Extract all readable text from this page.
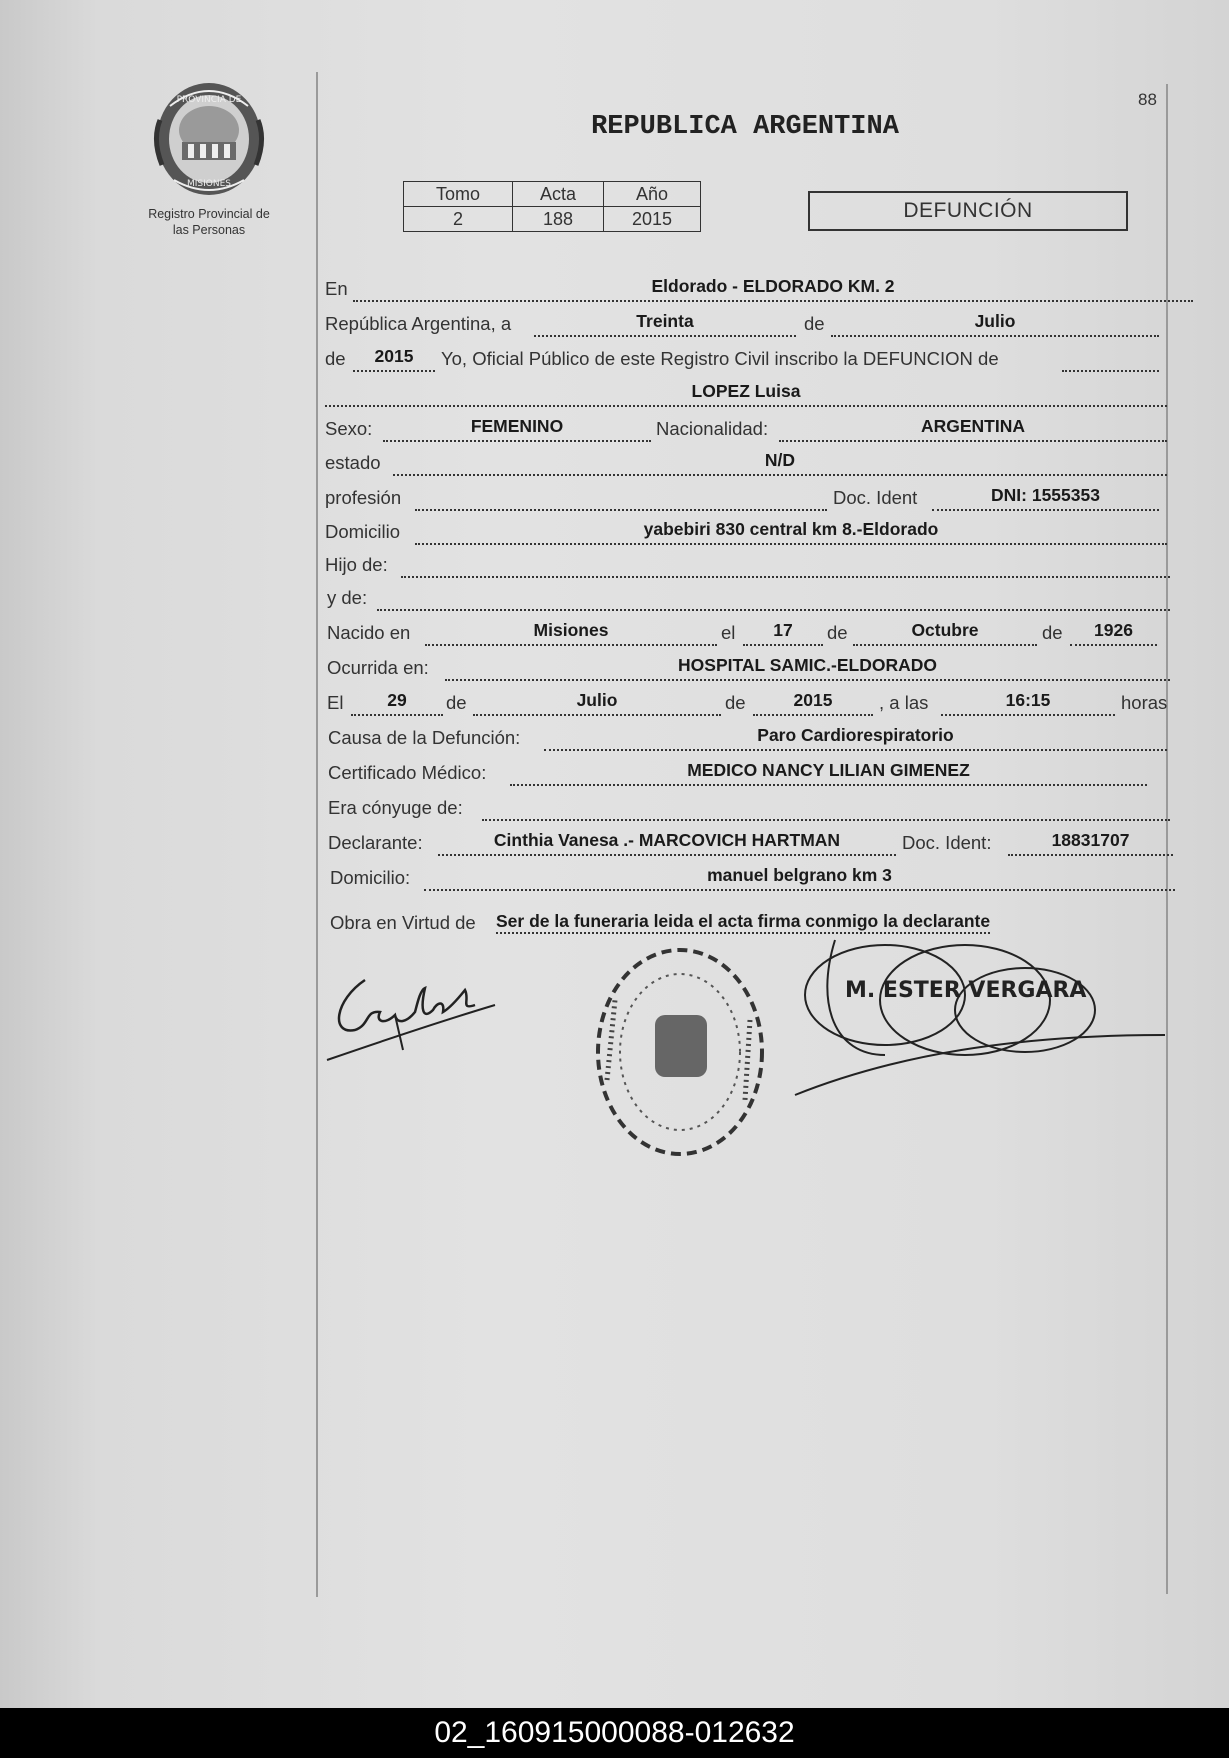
88
PROVINCIA DE
MISIONES
Registro Provincial de
las Personas
REPUBLICA ARGENTINA
Tomo	Acta	Año
2	188	2015	DEFUNCIÓN
En	Eldorado - ELDORADO KM. 2
República Argentina, a	Treinta	de	Julio
de	2015	Yo, Oficial Público de este Registro Civil inscribo la DEFUNCION de
LOPEZ Luisa
Sexo:	FEMENINO	Nacionalidad:	ARGENTINA
estado	N/D
profesión	Doc. Ident	DNI: 1555353
Domicilio	yabebiri 830 central km 8.-Eldorado
Hijo de:
y de:
Nacido en	Misiones	el	17	de	Octubre	de	1926
Ocurrida en:	HOSPITAL SAMIC.-ELDORADO
El	29	de	Julio	de	2015	, a las	16:15	horas
Causa de la Defunción:	Paro Cardiorespiratorio
Certificado Médico:	MEDICO NANCY LILIAN GIMENEZ
Era cónyuge de:
Declarante:	Cinthia Vanesa .- MARCOVICH HARTMAN	Doc. Ident:	18831707
Domicilio:	manuel belgrano km 3
Obra en Virtud de Ser de la funeraria leida el acta firma conmigo la declarante
M. ESTER VERGARA
02_160915000088-012632
